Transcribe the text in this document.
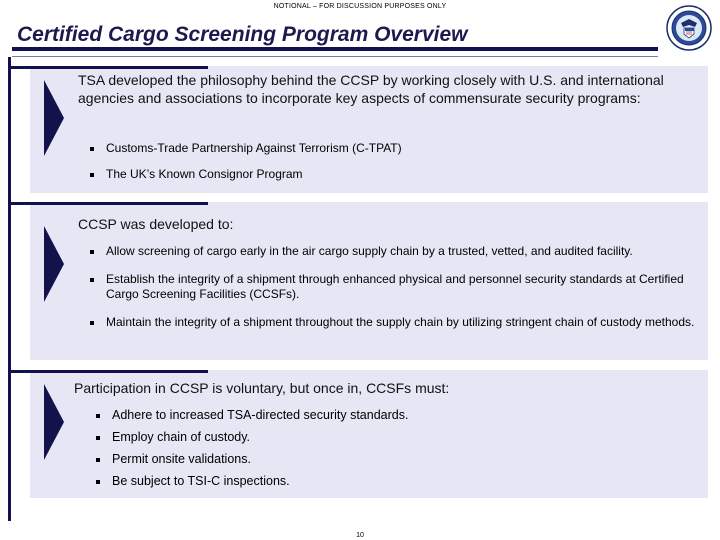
NOTIONAL – FOR DISCUSSION PURPOSES ONLY
Certified Cargo Screening Program Overview
TSA developed the philosophy behind the CCSP by working closely with U.S. and international agencies and associations to incorporate key aspects of commensurate security programs:
Customs-Trade Partnership Against Terrorism (C-TPAT)
The UK’s Known Consignor Program
CCSP was developed to:
Allow screening of cargo early in the air cargo supply chain by a trusted, vetted, and audited facility.
Establish the integrity of a shipment through enhanced physical and personnel security standards at Certified Cargo Screening Facilities (CCSFs).
Maintain the integrity of a shipment throughout the supply chain by utilizing stringent chain of custody methods.
Participation in CCSP is voluntary, but once in, CCSFs must:
Adhere to increased TSA-directed security standards.
Employ chain of custody.
Permit onsite validations.
Be subject to TSI-C inspections.
10
